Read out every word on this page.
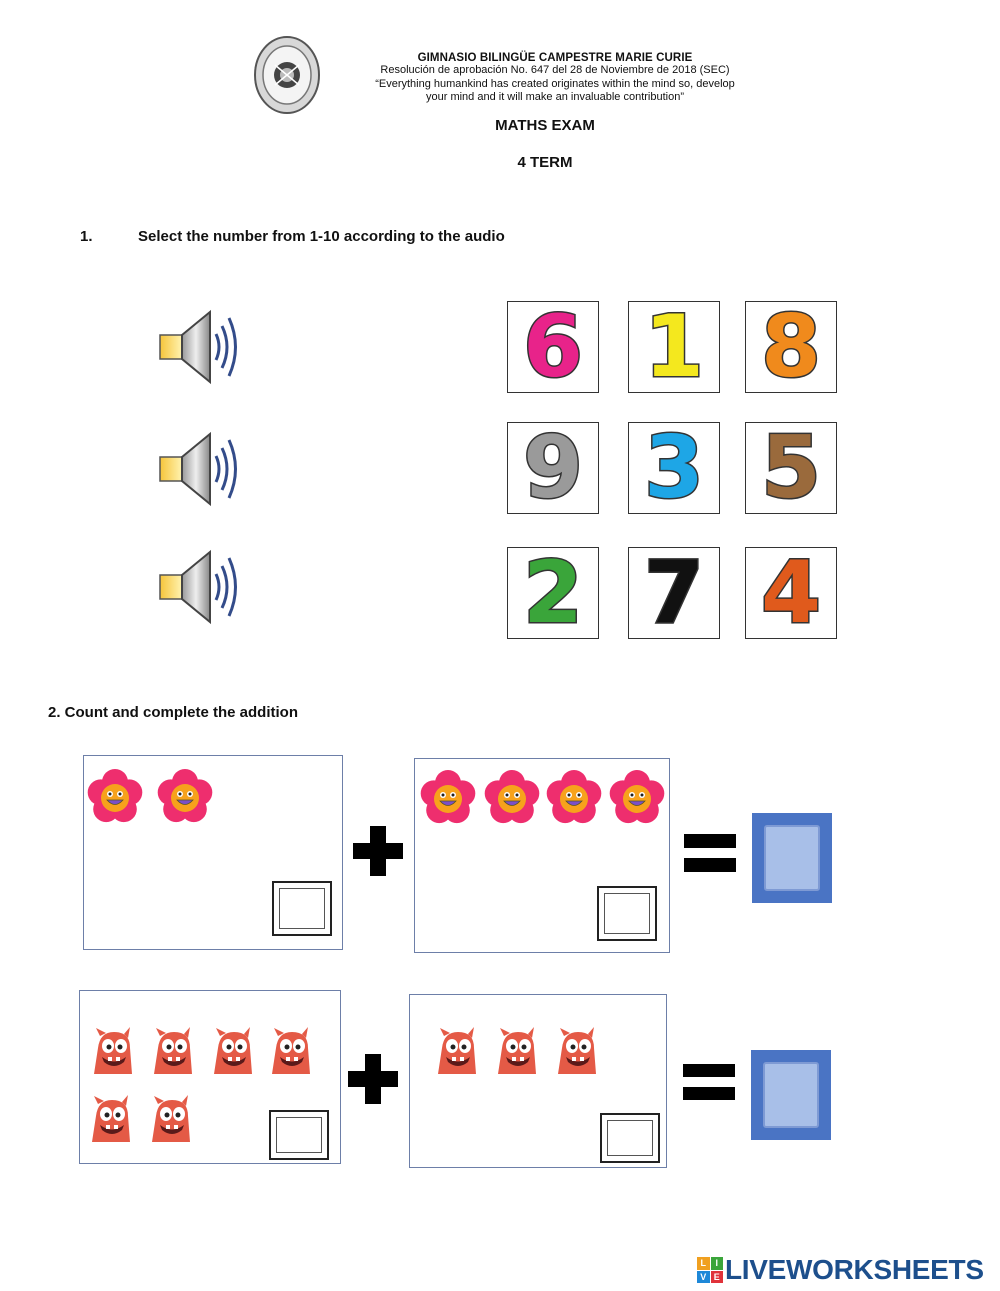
GIMNASIO BILINGÜE CAMPESTRE MARIE CURIE
Resolución de aprobación No. 647 del 28 de Noviembre de 2018 (SEC)
“Everything humankind has created originates within the mind so, develop
your mind and it will make an invaluable contribution”
MATHS EXAM
4 TERM
1.	Select the number from 1-10 according to the audio
6 1 8
9 3 5
2 7 4
2. Count and complete the addition
L	I
V E LIVEWORKSHEETS
